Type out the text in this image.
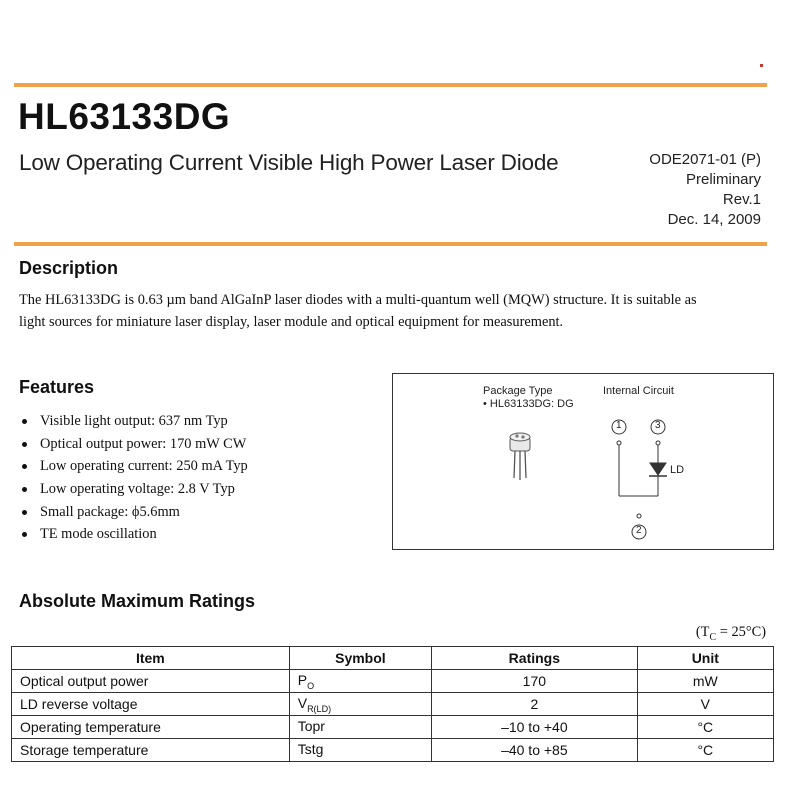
HL63133DG
Low Operating Current Visible High Power Laser Diode	ODE2071-01 (P)
Preliminary
Rev.1
Dec. 14, 2009
Description
The HL63133DG is 0.63 µm band AlGaInP laser diodes with a multi-quantum well (MQW) structure. It is suitable as
light sources for miniature laser display, laser module and optical equipment for measurement.
Features
Visible light output: 637 nm Typ
Optical output power: 170 mW CW
Low operating current: 250 mA Typ
Low operating voltage: 2.8 V Typ
Small package: ϕ5.6mm
TE mode oscillation
Package Type
• HL63133DG: DG
Internal Circuit
1	3
2
LD
Absolute Maximum Ratings
$(T_C = 25^\circ C)$
Item	Symbol	Ratings	Unit
Optical output power	$P_O$	170	mW
LD reverse voltage	$V_{R(LD)}$	2	V
Operating temperature	Topr	–10 to +40	°C
Storage temperature	Tstg	–40 to +85	°C
